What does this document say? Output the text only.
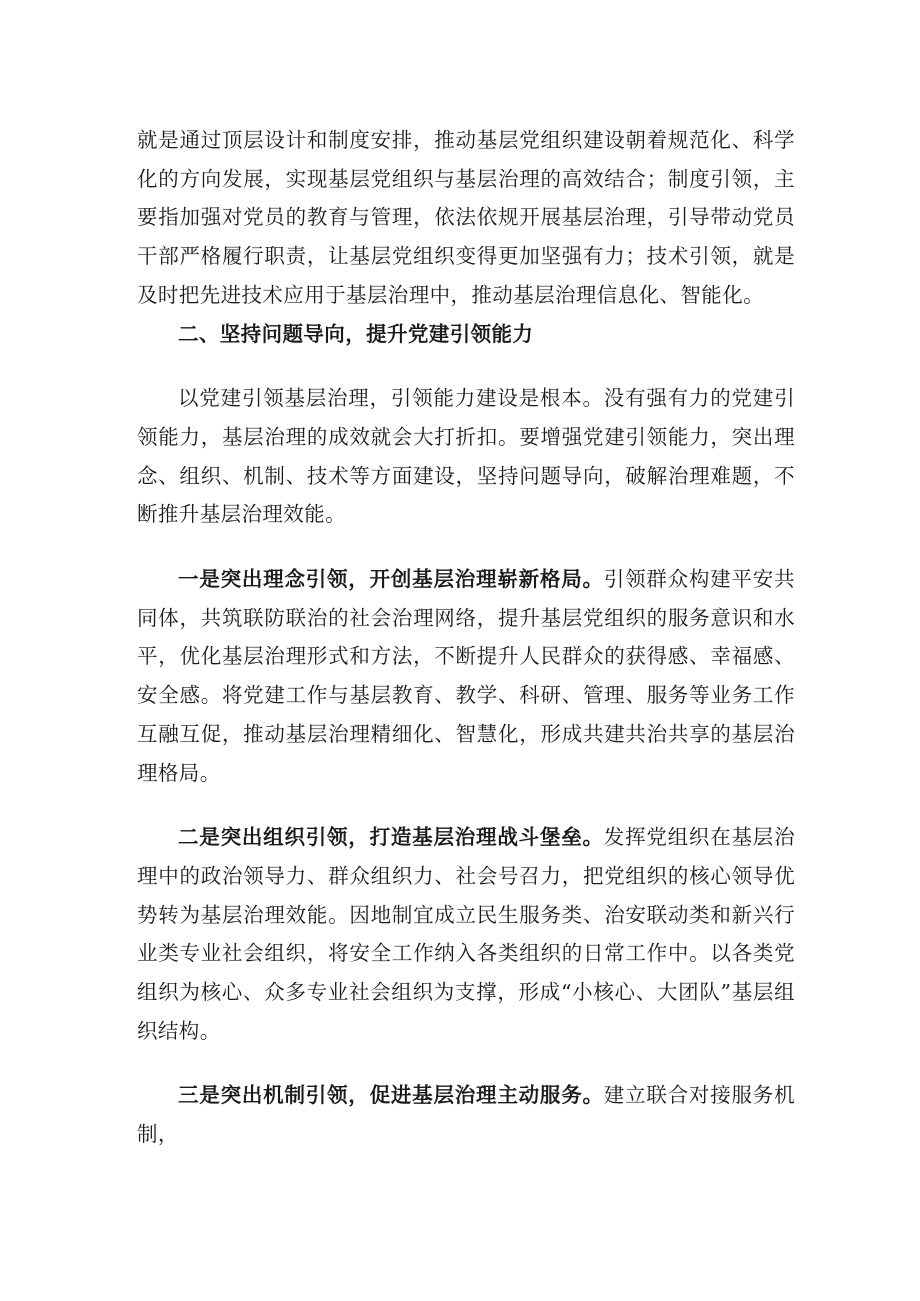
就是通过顶层设计和制度安排，推动基层党组织建设朝着规范化、科学化的方向发展，实现基层党组织与基层治理的高效结合；制度引领，主要指加强对党员的教育与管理，依法依规开展基层治理，引导带动党员干部严格履行职责，让基层党组织变得更加坚强有力；技术引领，就是及时把先进技术应用于基层治理中，推动基层治理信息化、智能化。

二、坚持问题导向，提升党建引领能力

以党建引领基层治理，引领能力建设是根本。没有强有力的党建引领能力，基层治理的成效就会大打折扣。要增强党建引领能力，突出理念、组织、机制、技术等方面建设，坚持问题导向，破解治理难题，不断推升基层治理效能。

一是突出理念引领，开创基层治理崭新格局。引领群众构建平安共同体，共筑联防联治的社会治理网络，提升基层党组织的服务意识和水平，优化基层治理形式和方法，不断提升人民群众的获得感、幸福感、安全感。将党建工作与基层教育、教学、科研、管理、服务等业务工作互融互促，推动基层治理精细化、智慧化，形成共建共治共享的基层治理格局。

二是突出组织引领，打造基层治理战斗堡垒。发挥党组织在基层治理中的政治领导力、群众组织力、社会号召力，把党组织的核心领导优势转为基层治理效能。因地制宜成立民生服务类、治安联动类和新兴行业类专业社会组织，将安全工作纳入各类组织的日常工作中。以各类党组织为核心、众多专业社会组织为支撑，形成“小核心、大团队”基层组织结构。

三是突出机制引领，促进基层治理主动服务。建立联合对接服务机制，
